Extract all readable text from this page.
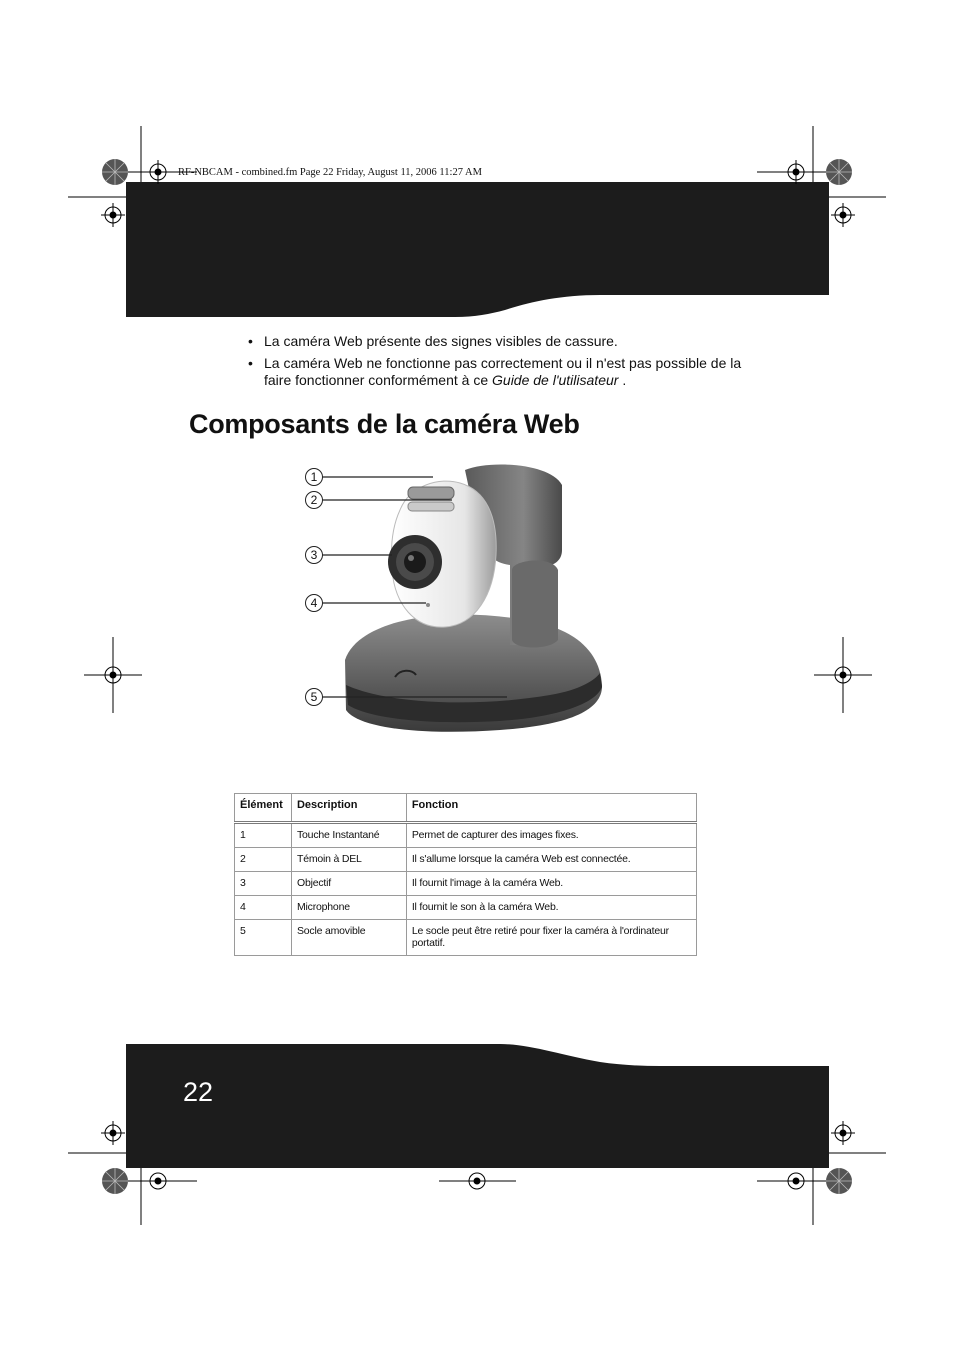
RF-NBCAM - combined.fm Page 22 Friday, August 11, 2006 11:27 AM
• La caméra Web présente des signes visibles de cassure.
• La caméra Web ne fonctionne pas correctement ou il n'est pas possible de la faire fonctionner conformément à ce Guide de l'utilisateur .
Composants de la caméra Web
1
2
3
4
5
Élément	Description	Fonction
1	Touche Instantané	Permet de capturer des images fixes.
2	Témoin à DEL	Il s'allume lorsque la caméra Web est connectée.
3	Objectif	Il fournit l'image à la caméra Web.
4	Microphone	Il fournit le son à la caméra Web.
5	Socle amovible	Le socle peut être retiré pour fixer la caméra à l'ordinateur portatif.
22
